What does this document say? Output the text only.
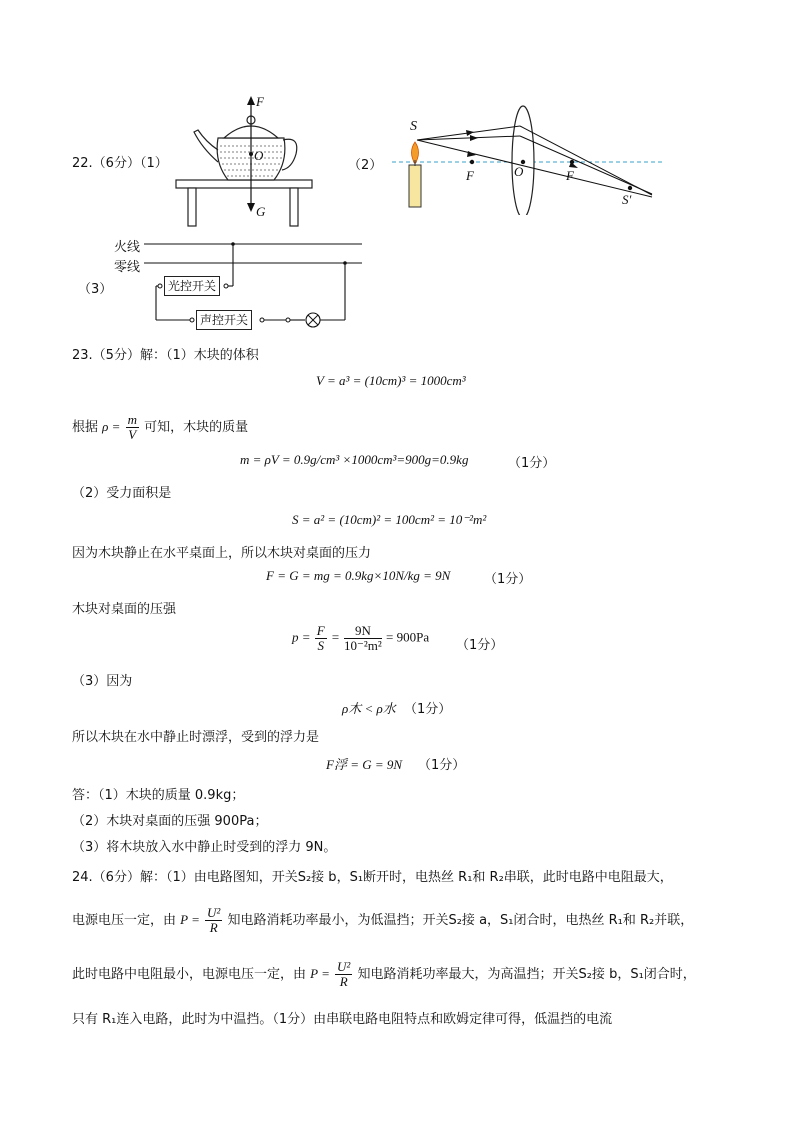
22.（6分）（1）
F
O
G
（2）
S
F	O	F
S′
（3）
火线
零线
光控开关
声控开关
23.（5分）解：（1）木块的体积
V = a³ = (10cm)³ = 1000cm³
根据 $\rho = \frac{m}{V}$ 可知，木块的质量
m = ρV = 0.9g/cm³ ×1000cm³=900g=0.9kg	（1分）
（2）受力面积是
S = a² = (10cm)² = 100cm² = 10⁻²m²
因为木块静止在水平桌面上，所以木块对桌面的压力
F = G = mg = 0.9kg×10N/kg = 9N	（1分）
木块对桌面的压强
$p = \frac{F}{S} = \frac{9N}{\text{10⁻²m²}} = 900Pa$
（1分）
（3）因为
ρ木 < ρ水 （1分）
所以木块在水中静止时漂浮，受到的浮力是
F浮 = G = 9N （1分）
答：（1）木块的质量 0.9kg；
（2）木块对桌面的压强 900Pa；
（3）将木块放入水中静止时受到的浮力 9N。
24.（6分）解：（1）由电路图知，开关S₂接 b，S₁断开时，电热丝 R₁和 R₂串联，此时电路中电阻最大，
电源电压一定，由 $P = \frac{\text{U²}}{R}$ 知电路消耗功率最小，为低温挡；开关S₂接 a，S₁闭合时，电热丝 R₁和 R₂并联，
此时电路中电阻最小，电源电压一定，由 $P = \frac{\text{U²}}{R}$ 知电路消耗功率最大，为高温挡；开关S₂接 b，S₁闭合时，
只有 R₁连入电路，此时为中温挡。（1分）由串联电路电阻特点和欧姆定律可得，低温挡的电流
